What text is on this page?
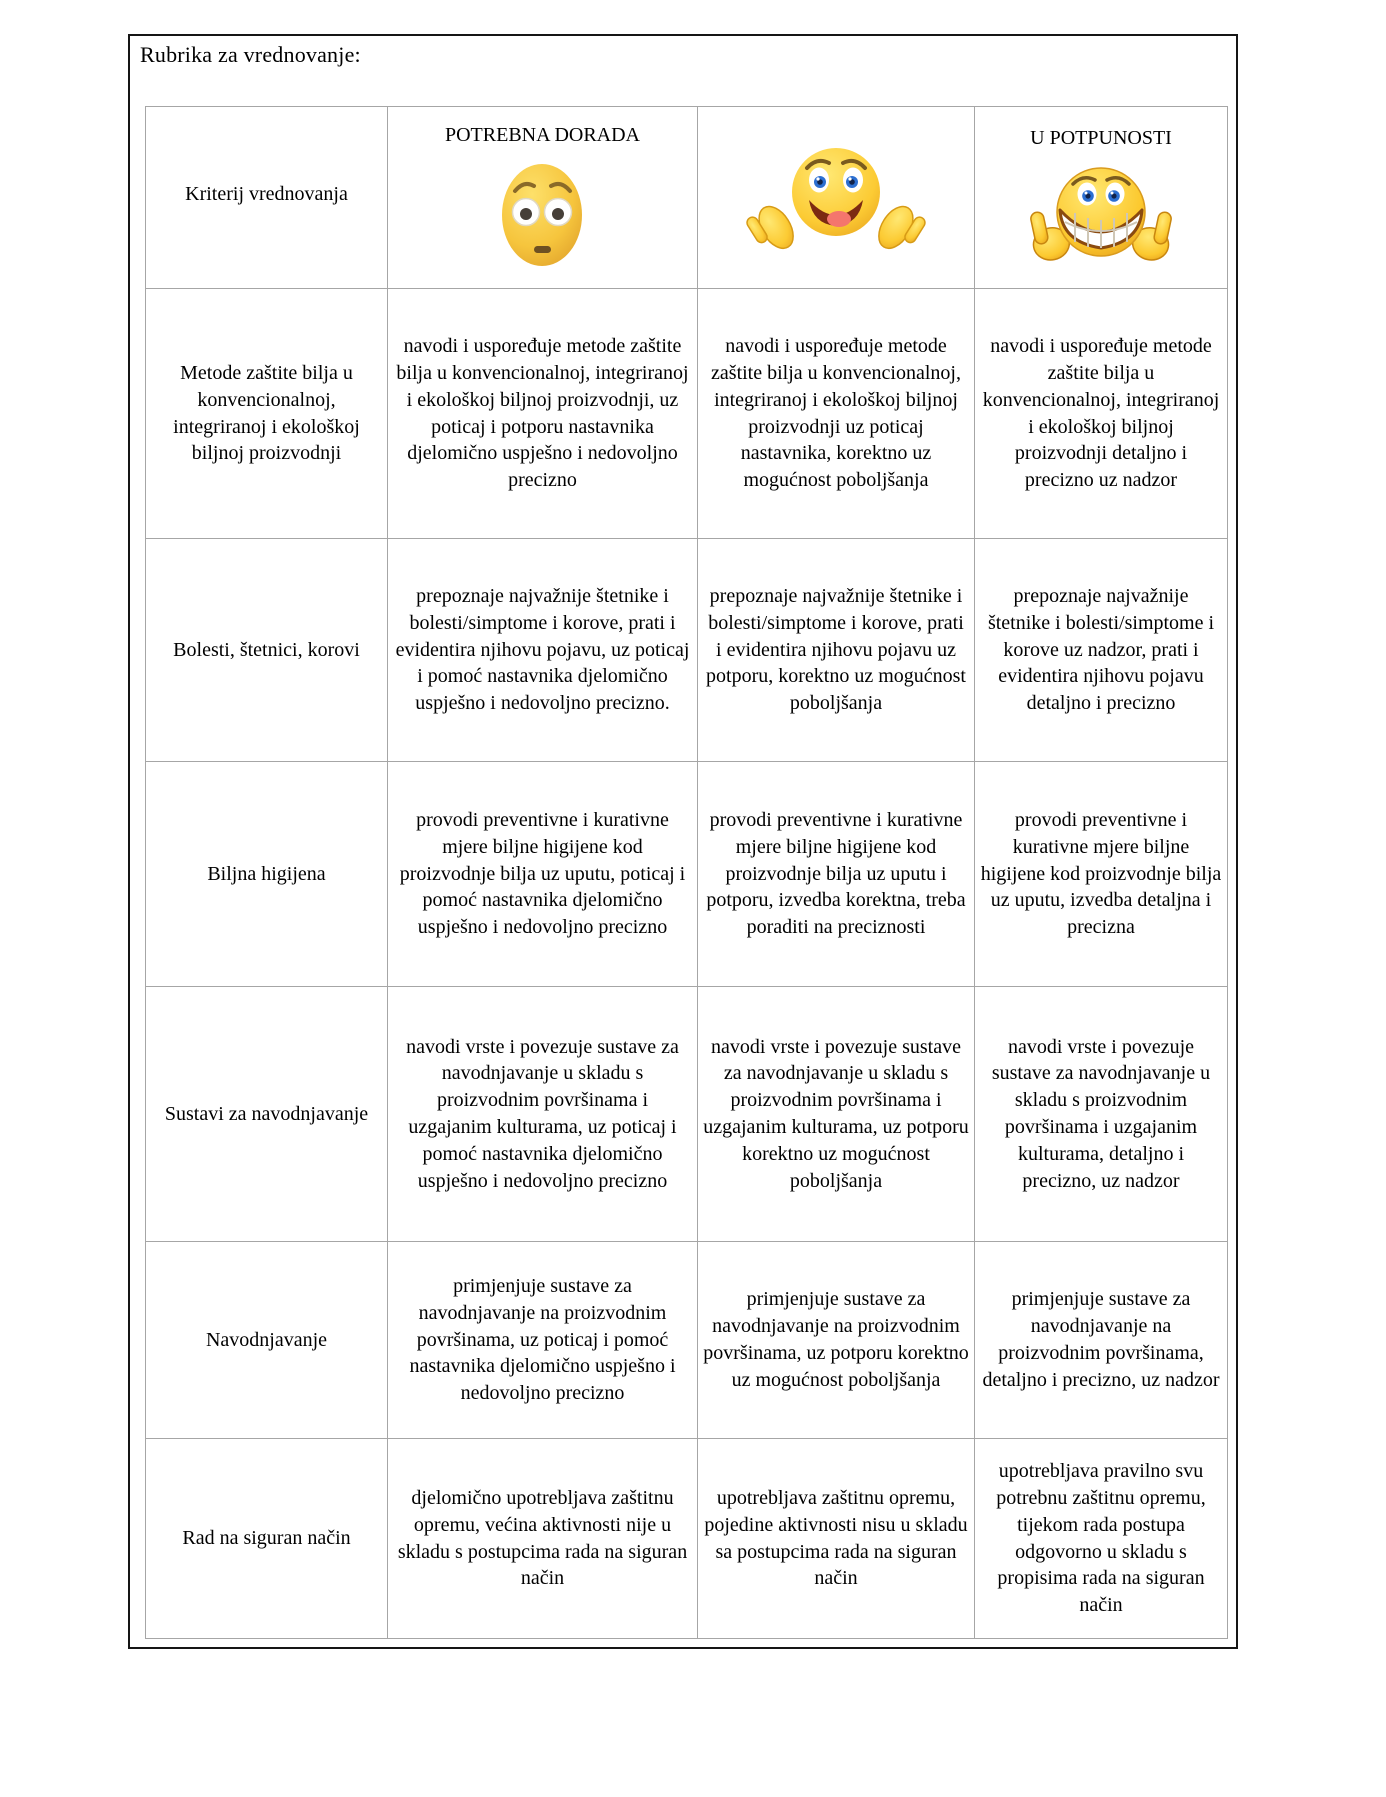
Rubrika za vrednovanje:
Kriterij vrednovanja	POTREBNA DORADA		U POTPUNOSTI

Metode zaštite bilja u konvencionalnoj, integriranoj i ekološkoj biljnoj proizvodnji	navodi i uspoređuje metode zaštite bilja u konvencionalnoj, integriranoj i ekološkoj biljnoj proizvodnji, uz poticaj i potporu nastavnika djelomično uspješno i nedovoljno precizno	navodi i uspoređuje metode zaštite bilja u konvencionalnoj, integriranoj i ekološkoj biljnoj proizvodnji uz poticaj nastavnika, korektno uz mogućnost poboljšanja	navodi i uspoređuje metode zaštite bilja u konvencionalnoj, integriranoj i ekološkoj biljnoj proizvodnji detaljno i precizno uz nadzor
Bolesti, štetnici, korovi	prepoznaje najvažnije štetnike i bolesti/simptome i korove, prati i evidentira njihovu pojavu, uz poticaj i pomoć nastavnika djelomično uspješno i nedovoljno precizno.	prepoznaje najvažnije štetnike i bolesti/simptome i korove, prati i evidentira njihovu pojavu uz potporu, korektno uz mogućnost poboljšanja	prepoznaje najvažnije štetnike i bolesti/simptome i korove uz nadzor, prati i evidentira njihovu pojavu detaljno i precizno
Biljna higijena	provodi preventivne i kurativne mjere biljne higijene kod proizvodnje bilja uz uputu, poticaj i pomoć nastavnika djelomično uspješno i nedovoljno precizno	provodi preventivne i kurativne mjere biljne higijene kod proizvodnje bilja uz uputu i potporu, izvedba korektna, treba poraditi na preciznosti	provodi preventivne i kurativne mjere biljne higijene kod proizvodnje bilja uz uputu, izvedba detaljna i precizna
Sustavi za navodnjavanje	navodi vrste i povezuje sustave za navodnjavanje u skladu s proizvodnim površinama i uzgajanim kulturama, uz poticaj i pomoć nastavnika djelomično uspješno i nedovoljno precizno	navodi vrste i povezuje sustave za navodnjavanje u skladu s proizvodnim površinama i uzgajanim kulturama, uz potporu korektno uz mogućnost poboljšanja	navodi vrste i povezuje sustave za navodnjavanje u skladu s proizvodnim površinama i uzgajanim kulturama, detaljno i precizno, uz nadzor
Navodnjavanje	primjenjuje sustave za navodnjavanje na proizvodnim površinama, uz poticaj i pomoć nastavnika djelomično uspješno i nedovoljno precizno	primjenjuje sustave za navodnjavanje na proizvodnim površinama, uz potporu korektno uz mogućnost poboljšanja	primjenjuje sustave za navodnjavanje na proizvodnim površinama, detaljno i precizno, uz nadzor
Rad na siguran način	djelomično upotrebljava zaštitnu opremu, većina aktivnosti nije u skladu s postupcima rada na siguran način	upotrebljava zaštitnu opremu, pojedine aktivnosti nisu u skladu sa postupcima rada na siguran način	upotrebljava pravilno svu potrebnu zaštitnu opremu, tijekom rada postupa odgovorno u skladu s propisima rada na siguran način
